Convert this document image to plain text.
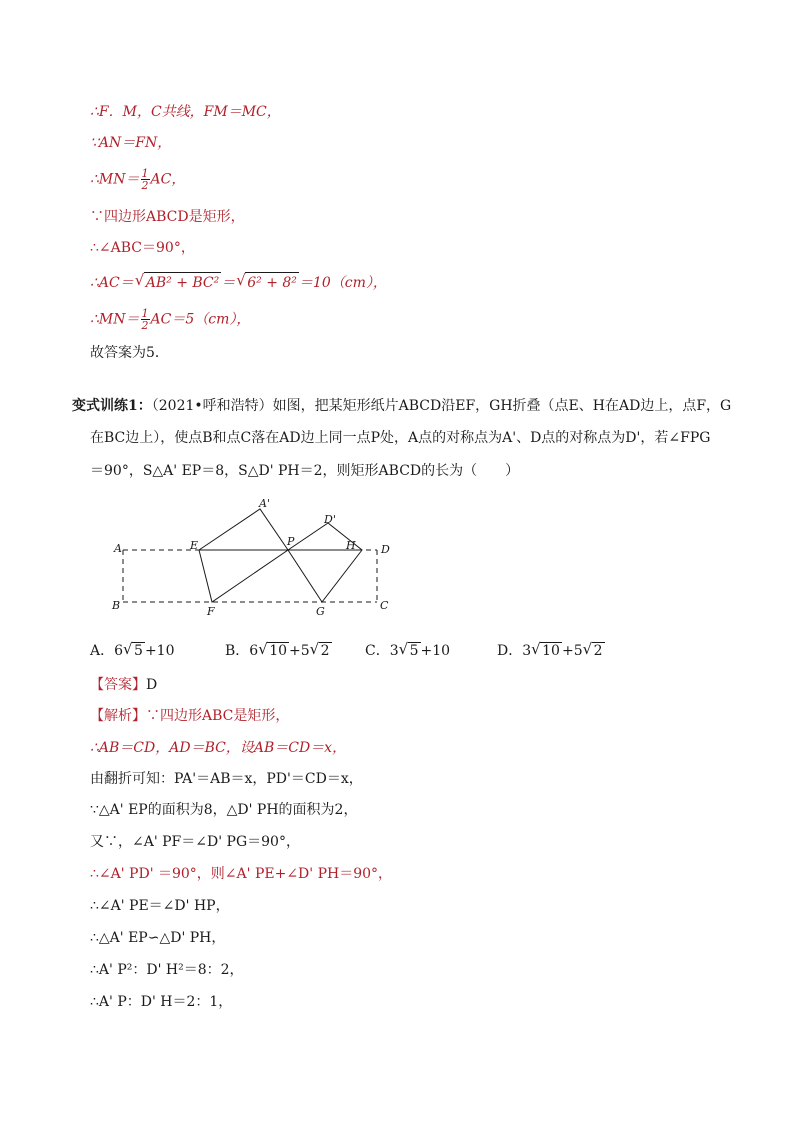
∴F．M，C共线，FM＝MC，
∵AN＝FN，
∴MN＝ $\frac{1}{2}$ AC，
∵四边形ABCD是矩形，
∴∠ABC＝90°，
∴AC＝ √ AB² + BC² ＝ √ 6² + 8² ＝10（cm），
∴MN＝ $\frac{1}{2} AC=5(cm)$，
故答案为5．
变式训练1：（2021•呼和浩特）如图，把某矩形纸片ABCD沿EF，GH折叠（点E、H在AD边上，点F，G
在BC边上），使点B和点C落在AD边上同一点P处，A点的对称点为A'、D点的对称点为D'，若∠FPG
＝90°，S△A' EP＝8，S△D' PH＝2，则矩形ABCD的长为（　　）
A
B	C
D
E
F	G
H
P
A'
D'
A．6 √ 5 +10	B．6 √ 10 +5 √ 2	C．3 √ 5 +10	D．3 √ 10 +5 √ 2
【答案】D
【解析】∵四边形ABC是矩形，
∴AB＝CD，AD＝BC，设AB＝CD＝x，
由翻折可知：PA'＝AB＝x，PD'＝CD＝x，
∵△A' EP的面积为8，△D' PH的面积为2，
又∵，∠A' PF＝∠D' PG＝90°，
∴∠A' PD' ＝90°，则∠A' PE+∠D' PH＝90°，
∴∠A' PE＝∠D' HP，
∴△A' EP∽△D' PH，
∴A' P²：D' H²＝8：2，
∴A' P：D' H＝2：1，
